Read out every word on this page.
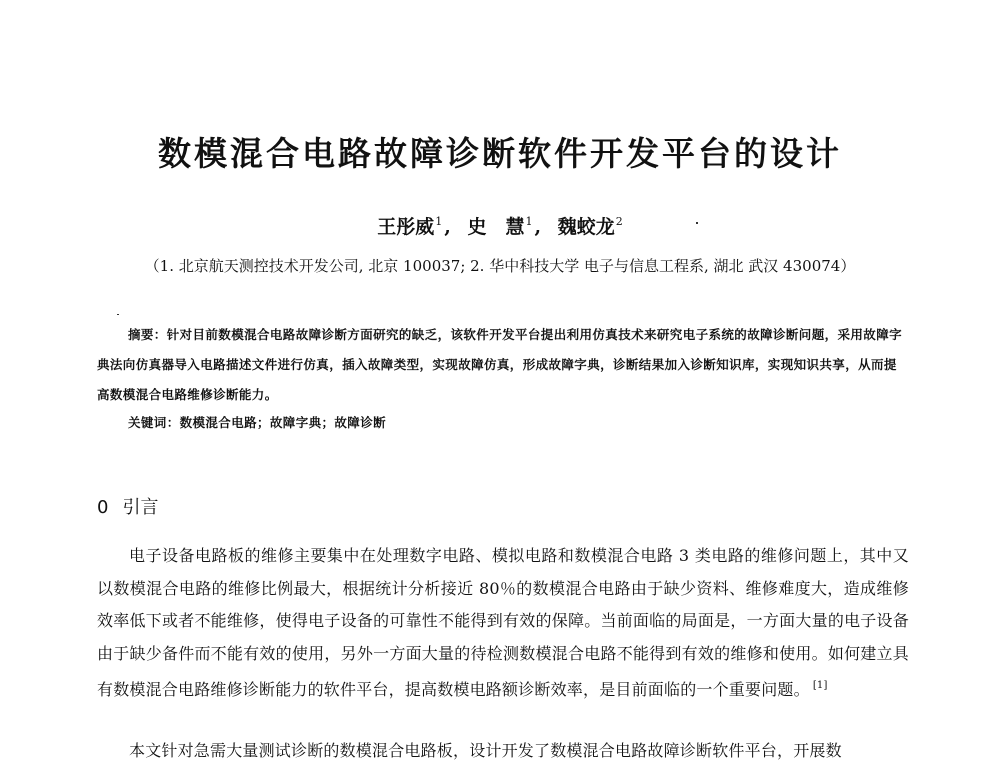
数模混合电路故障诊断软件开发平台的设计
王彤威$^1$ , 史　慧$^1$ , 魏蛟龙$^2$
（1. 北京航天测控技术开发公司, 北京 100037; 2. 华中科技大学 电子与信息工程系, 湖北 武汉 430074）
摘要：针对目前数模混合电路故障诊断方面研究的缺乏，该软件开发平台提出利用仿真技术来研究电子系统的故障诊断问题，采用故障字典法向仿真器导入电路描述文件进行仿真，插入故障类型，实现故障仿真，形成故障字典，诊断结果加入诊断知识库，实现知识共享，从而提高数模混合电路维修诊断能力。
关键词：数模混合电路；故障字典；故障诊断
0 引言
电子设备电路板的维修主要集中在处理数字电路、模拟电路和数模混合电路 3 类电路的维修问题上，其中又以数模混合电路的维修比例最大，根据统计分析接近 80％的数模混合电路由于缺少资料、维修难度大，造成维修效率低下或者不能维修，使得电子设备的可靠性不能得到有效的保障。当前面临的局面是，一方面大量的电子设备由于缺少备件而不能有效的使用，另外一方面大量的待检测数模混合电路不能得到有效的维修和使用。如何建立具有数模混合电路维修诊断能力的软件平台，提高数模电路额诊断效率，是目前面临的一个重要问题。 [1]
本文针对急需大量测试诊断的数模混合电路板，设计开发了数模混合电路故障诊断软件平台，开展数
